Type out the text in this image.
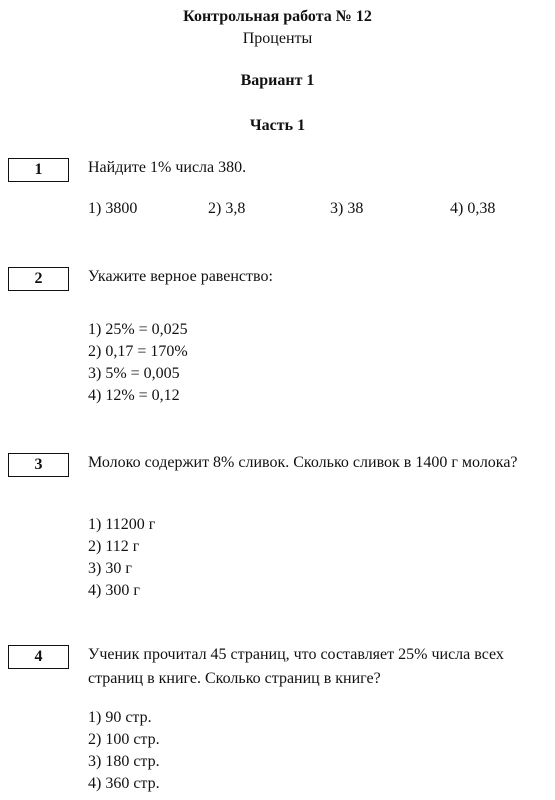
Контрольная работа № 12
Проценты
Вариант 1
Часть 1
1	Найдите 1% числа 380.
1) 3800	2) 3,8	3) 38	4) 0,38
2	Укажите верное равенство:
1) 25% = 0,025
2) 0,17 = 170%
3) 5% = 0,005
4) 12% = 0,12
3	Молоко содержит 8% сливок. Сколько сливок в 1400 г молока?
1) 11200 г
2) 112 г
3) 30 г
4) 300 г
4	Ученик прочитал 45 страниц, что составляет 25% числа всех страниц в книге. Сколько страниц в книге?
1) 90 стр.
2) 100 стр.
3) 180 стр.
4) 360 стр.
